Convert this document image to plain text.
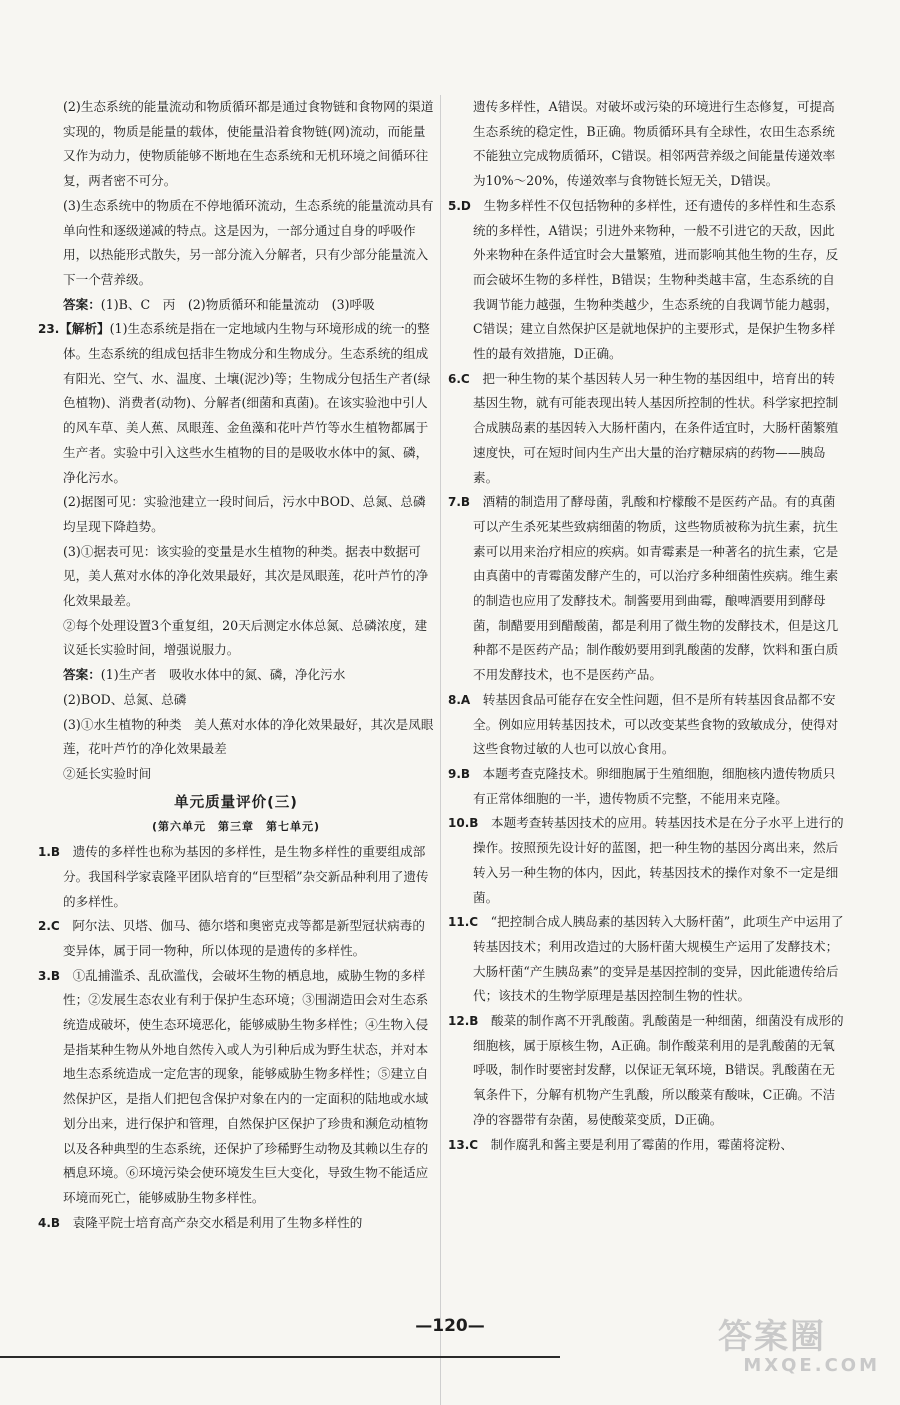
(2)生态系统的能量流动和物质循环都是通过食物链和食物网的渠道实现的，物质是能量的载体，使能量沿着食物链(网)流动，而能量又作为动力，使物质能够不断地在生态系统和无机环境之间循环往复，两者密不可分。

(3)生态系统中的物质在不停地循环流动，生态系统的能量流动具有单向性和逐级递减的特点。这是因为，一部分通过自身的呼吸作用，以热能形式散失，另一部分流入分解者，只有少部分能量流入下一个营养级。

答案：(1)B、C　丙　(2)物质循环和能量流动　(3)呼吸

23.【解析】(1)生态系统是指在一定地域内生物与环境形成的统一的整体。生态系统的组成包括非生物成分和生物成分。生态系统的组成有阳光、空气、水、温度、土壤(泥沙)等；生物成分包括生产者(绿色植物)、消费者(动物)、分解者(细菌和真菌)。在该实验池中引人的风车草、美人蕉、凤眼莲、金鱼藻和花叶芦竹等水生植物都属于生产者。实验中引入这些水生植物的目的是吸收水体中的氮、磷，净化污水。

(2)据图可见：实验池建立一段时间后，污水中BOD、总氮、总磷均呈现下降趋势。

(3)①据表可见：该实验的变量是水生植物的种类。据表中数据可见，美人蕉对水体的净化效果最好，其次是凤眼莲，花叶芦竹的净化效果最差。

②每个处理设置3个重复组，20天后测定水体总氮、总磷浓度，建议延长实验时间，增强说服力。

答案：(1)生产者　吸收水体中的氮、磷，净化污水

(2)BOD、总氮、总磷

(3)①水生植物的种类　美人蕉对水体的净化效果最好，其次是凤眼莲，花叶芦竹的净化效果最差

②延长实验时间

单元质量评价(三)

(第六单元　第三章　第七单元)

1.B　 遗传的多样性也称为基因的多样性，是生物多样性的重要组成部分。我国科学家袁隆平团队培育的“巨型稻”杂交新品种利用了遗传的多样性。

2.C　 阿尔法、贝塔、伽马、德尔塔和奥密克戎等都是新型冠状病毒的变异体，属于同一物种，所以体现的是遗传的多样性。

3.B　 ①乱捕滥杀、乱砍滥伐，会破坏生物的栖息地，威胁生物的多样性；②发展生态农业有利于保护生态环境；③围湖造田会对生态系统造成破坏，使生态环境恶化，能够威胁生物多样性；④生物入侵是指某种生物从外地自然传入或人为引种后成为野生状态，并对本地生态系统造成一定危害的现象，能够威胁生物多样性；⑤建立自然保护区，是指人们把包含保护对象在内的一定面积的陆地或水域划分出来，进行保护和管理，自然保护区保护了珍贵和濒危动植物以及各种典型的生态系统，还保护了珍稀野生动物及其赖以生存的栖息环境。⑥环境污染会使环境发生巨大变化，导致生物不能适应环境而死亡，能够威胁生物多样性。

4.B　 袁隆平院士培育高产杂交水稻是利用了生物多样性的

遗传多样性，A错误。对破坏或污染的环境进行生态修复，可提高生态系统的稳定性，B正确。物质循环具有全球性，农田生态系统不能独立完成物质循环，C错误。相邻两营养级之间能量传递效率为10%～20%，传递效率与食物链长短无关，D错误。

5.D　 生物多样性不仅包括物种的多样性，还有遗传的多样性和生态系统的多样性，A错误；引进外来物种，一般不引进它的天敌，因此外来物种在条件适宜时会大量繁殖，进而影响其他生物的生存，反而会破坏生物的多样性，B错误；生物种类越丰富，生态系统的自我调节能力越强，生物种类越少，生态系统的自我调节能力越弱，C错误；建立自然保护区是就地保护的主要形式，是保护生物多样性的最有效措施，D正确。

6.C　 把一种生物的某个基因转人另一种生物的基因组中，培育出的转基因生物，就有可能表现出转人基因所控制的性状。科学家把控制合成胰岛素的基因转入大肠杆菌内，在条件适宜时，大肠杆菌繁殖速度快，可在短时间内生产出大量的治疗糖尿病的药物——胰岛素。

7.B　 酒精的制造用了酵母菌，乳酸和柠檬酸不是医药产品。有的真菌可以产生杀死某些致病细菌的物质，这些物质被称为抗生素，抗生素可以用来治疗相应的疾病。如青霉素是一种著名的抗生素，它是由真菌中的青霉菌发酵产生的，可以治疗多种细菌性疾病。维生素的制造也应用了发酵技术。制酱要用到曲霉，酿啤酒要用到酵母菌，制醋要用到醋酸菌，都是利用了微生物的发酵技术，但是这几种都不是医药产品；制作酸奶要用到乳酸菌的发酵，饮料和蛋白质不用发酵技术，也不是医药产品。

8.A　 转基因食品可能存在安全性问题，但不是所有转基因食品都不安全。例如应用转基因技术，可以改变某些食物的致敏成分，使得对这些食物过敏的人也可以放心食用。

9.B　 本题考查克隆技术。卵细胞属于生殖细胞，细胞核内遗传物质只有正常体细胞的一半，遗传物质不完整，不能用来克隆。

10.B　 本题考查转基因技术的应用。转基因技术是在分子水平上进行的操作。按照预先设计好的蓝图，把一种生物的基因分离出来，然后转入另一种生物的体内，因此，转基因技术的操作对象不一定是细菌。

11.C　 “把控制合成人胰岛素的基因转入大肠杆菌”，此项生产中运用了转基因技术；利用改造过的大肠杆菌大规模生产运用了发酵技术；大肠杆菌“产生胰岛素”的变异是基因控制的变异，因此能遗传给后代；该技术的生物学原理是基因控制生物的性状。

12.B　 酸菜的制作离不开乳酸菌。乳酸菌是一种细菌，细菌没有成形的细胞核，属于原核生物，A正确。制作酸菜利用的是乳酸菌的无氧呼吸，制作时要密封发酵，以保证无氧环境，B错误。乳酸菌在无氧条件下，分解有机物产生乳酸，所以酸菜有酸味，C正确。不洁净的容器带有杂菌，易使酸菜变质，D正确。

13.C　 制作腐乳和酱主要是利用了霉菌的作用，霉菌将淀粉、

—120—	答案圈
MXQE.COM
